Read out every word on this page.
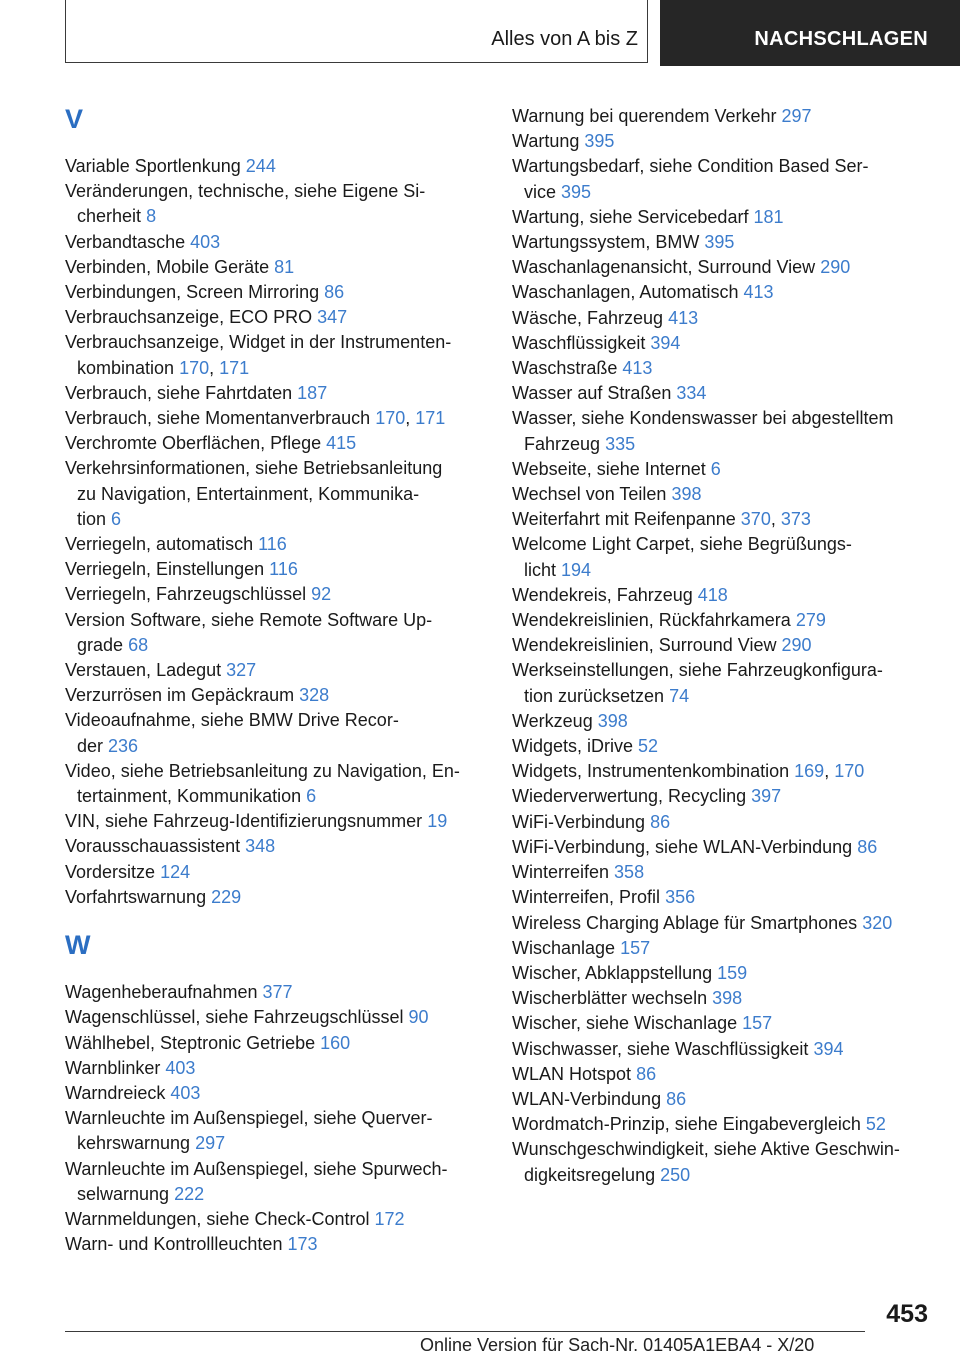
Alles von A bis Z	NACHSCHLAGEN
V
Variable Sportlenkung 244
Veränderungen, technische, siehe Eigene Si-
cherheit 8
Verbandtasche 403
Verbinden, Mobile Geräte 81
Verbindungen, Screen Mirroring 86
Verbrauchsanzeige, ECO PRO 347
Verbrauchsanzeige, Widget in der Instrumenten-
kombination 170, 171
Verbrauch, siehe Fahrtdaten 187
Verbrauch, siehe Momentanverbrauch 170, 171
Verchromte Oberflächen, Pflege 415
Verkehrsinformationen, siehe Betriebsanleitung
zu Navigation, Entertainment, Kommunika-
tion 6
Verriegeln, automatisch 116
Verriegeln, Einstellungen 116
Verriegeln, Fahrzeugschlüssel 92
Version Software, siehe Remote Software Up-
grade 68
Verstauen, Ladegut 327
Verzurrösen im Gepäckraum 328
Videoaufnahme, siehe BMW Drive Recor-
der 236
Video, siehe Betriebsanleitung zu Navigation, En-
tertainment, Kommunikation 6
VIN, siehe Fahrzeug-Identifizierungsnummer 19
Vorausschauassistent 348
Vordersitze 124
Vorfahrtswarnung 229
W
Wagenheberaufnahmen 377
Wagenschlüssel, siehe Fahrzeugschlüssel 90
Wählhebel, Steptronic Getriebe 160
Warnblinker 403
Warndreieck 403
Warnleuchte im Außenspiegel, siehe Querver-
kehrswarnung 297
Warnleuchte im Außenspiegel, siehe Spurwech-
selwarnung 222
Warnmeldungen, siehe Check-Control 172
Warn- und Kontrollleuchten 173
Warnung bei querendem Verkehr 297
Wartung 395
Wartungsbedarf, siehe Condition Based Ser-
vice 395
Wartung, siehe Servicebedarf 181
Wartungssystem, BMW 395
Waschanlagenansicht, Surround View 290
Waschanlagen, Automatisch 413
Wäsche, Fahrzeug 413
Waschflüssigkeit 394
Waschstraße 413
Wasser auf Straßen 334
Wasser, siehe Kondenswasser bei abgestelltem
Fahrzeug 335
Webseite, siehe Internet 6
Wechsel von Teilen 398
Weiterfahrt mit Reifenpanne 370, 373
Welcome Light Carpet, siehe Begrüßungs-
licht 194
Wendekreis, Fahrzeug 418
Wendekreislinien, Rückfahrkamera 279
Wendekreislinien, Surround View 290
Werkseinstellungen, siehe Fahrzeugkonfigura-
tion zurücksetzen 74
Werkzeug 398
Widgets, iDrive 52
Widgets, Instrumentenkombination 169, 170
Wiederverwertung, Recycling 397
WiFi-Verbindung 86
WiFi-Verbindung, siehe WLAN-Verbindung 86
Winterreifen 358
Winterreifen, Profil 356
Wireless Charging Ablage für Smartphones 320
Wischanlage 157
Wischer, Abklappstellung 159
Wischerblätter wechseln 398
Wischer, siehe Wischanlage 157
Wischwasser, siehe Waschflüssigkeit 394
WLAN Hotspot 86
WLAN-Verbindung 86
Wordmatch-Prinzip, siehe Eingabevergleich 52
Wunschgeschwindigkeit, siehe Aktive Geschwin-
digkeitsregelung 250
453
Online Version für Sach-Nr. 01405A1EBA4 - X/20
